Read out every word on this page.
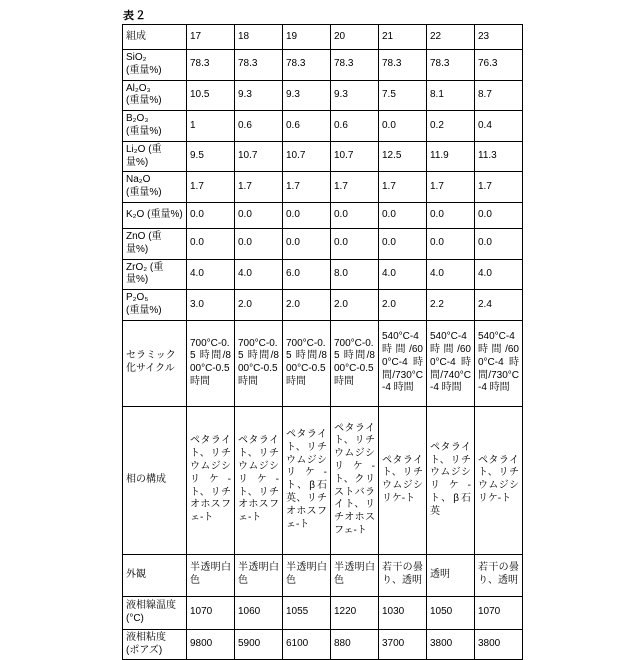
表２
組成	17	18	19	20	21	22	23
SiO₂
(重量%)	78.3	78.3	78.3	78.3	78.3	78.3	76.3
Al₂O₃
(重量%)	10.5	9.3	9.3	9.3	7.5	8.1	8.7
B₂O₃
(重量%)	1	0.6	0.6	0.6	0.0	0.2	0.4
Li₂O (重量%)	9.5	10.7	10.7	10.7	12.5	11.9	11.3
Na₂O
(重量%)	1.7	1.7	1.7	1.7	1.7	1.7	1.7
K₂O (重量%)	0.0	0.0	0.0	0.0	0.0	0.0	0.0
ZnO (重量%)	0.0	0.0	0.0	0.0	0.0	0.0	0.0
ZrO₂ (重量%)	4.0	4.0	6.0	8.0	4.0	4.0	4.0
P₂O₅
(重量%)	3.0	2.0	2.0	2.0	2.0	2.2	2.4
セラミック化サイクル	700°C-0.5 時間/800°C-0.5 時間	700°C-0.5 時間/800°C-0.5 時間	700°C-0.5 時間/800°C-0.5 時間	700°C-0.5 時間/800°C-0.5 時間	540°C-4 時間/600°C-4 時間/730°C-4 時間	540°C-4 時間/600°C-4 時間/740°C-4 時間	540°C-4 時間/600°C-4 時間/730°C-4 時間
相の構成	ペタライト、リチウムジシリケ-ト、リチオホスフェ-ト	ペタライト、リチウムジシリケ-ト、リチオホスフェ-ト	ペタライト、リチウムジシリケ-ト、β石英、リチオホスフェ-ト	ペタライト、リチウムジシリケ-ト、クリストバライト、リチオホスフェ-ト	ペタライト、リチウムジシリケ-ト	ペタライト、リチウムジシリケ-ト、β石英	ペタライト、リチウムジシリケ-ト
外観	半透明白色	半透明白色	半透明白色	半透明白色	若干の曇り、透明	透明	若干の曇り、透明
液相線温度
(°C)	1070	1060	1055	1220	1030	1050	1070
液相粘度
(ポアズ)	9800	5900	6100	880	3700	3800	3800
